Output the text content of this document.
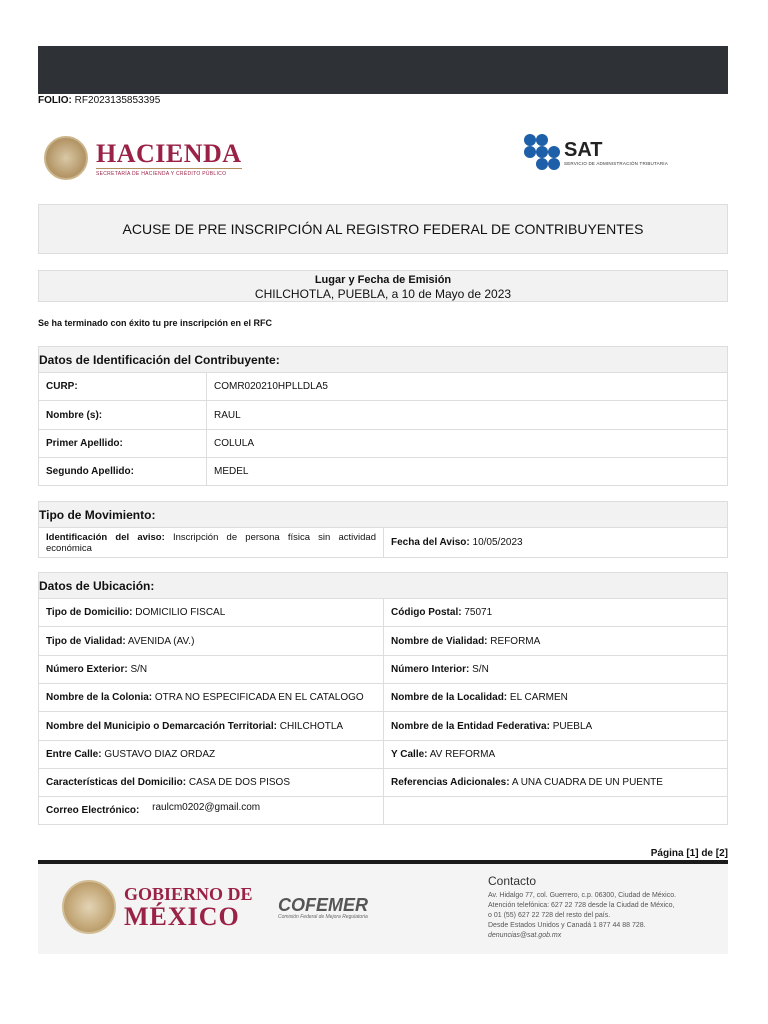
FOLIO: RF2023135853395
HACIENDA
SECRETARÍA DE HACIENDA Y CRÉDITO PÚBLICO
SAT
SERVICIO DE ADMINISTRACIÓN TRIBUTARIA
ACUSE DE PRE INSCRIPCIÓN AL REGISTRO FEDERAL DE CONTRIBUYENTES
Lugar y Fecha de Emisión
CHILCHOTLA, PUEBLA, a 10 de Mayo de 2023
Se ha terminado con éxito tu pre inscripción en el RFC
Datos de Identificación del Contribuyente:	
CURP:	COMR020210HPLLDLA5
Nombre (s):	RAUL
Primer Apellido:	COLULA
Segundo Apellido:	MEDEL
Tipo de Movimiento:
Identificación del aviso: Inscripción de persona física sin actividad económica	Fecha del Aviso: 10/05/2023
Datos de Ubicación:	
Tipo de Domicilio: DOMICILIO FISCAL	Código Postal: 75071
Tipo de Vialidad: AVENIDA (AV.)	Nombre de Vialidad: REFORMA
Número Exterior: S/N	Número Interior: S/N
Nombre de la Colonia: OTRA NO ESPECIFICADA EN EL CATALOGO	Nombre de la Localidad: EL CARMEN
Nombre del Municipio o Demarcación Territorial: CHILCHOTLA	Nombre de la Entidad Federativa: PUEBLA
Entre Calle: GUSTAVO DIAZ ORDAZ	Y Calle: AV REFORMA
Características del Domicilio: CASA DE DOS PISOS	Referencias Adicionales: A UNA CUADRA DE UN PUENTE
Correo Electrónico: raulcm0202@gmail.com	
Página [1] de [2]
GOBIERNO DE
MÉXICO	COFEMER
Comisión Federal de Mejora Regulatoria
Contacto
Av. Hidalgo 77, col. Guerrero, c.p. 06300, Ciudad de México.
Atención telefónica: 627 22 728 desde la Ciudad de México,
o 01 (55) 627 22 728 del resto del país.
Desde Estados Unidos y Canadá 1 877 44 88 728.
denuncias@sat.gob.mx
